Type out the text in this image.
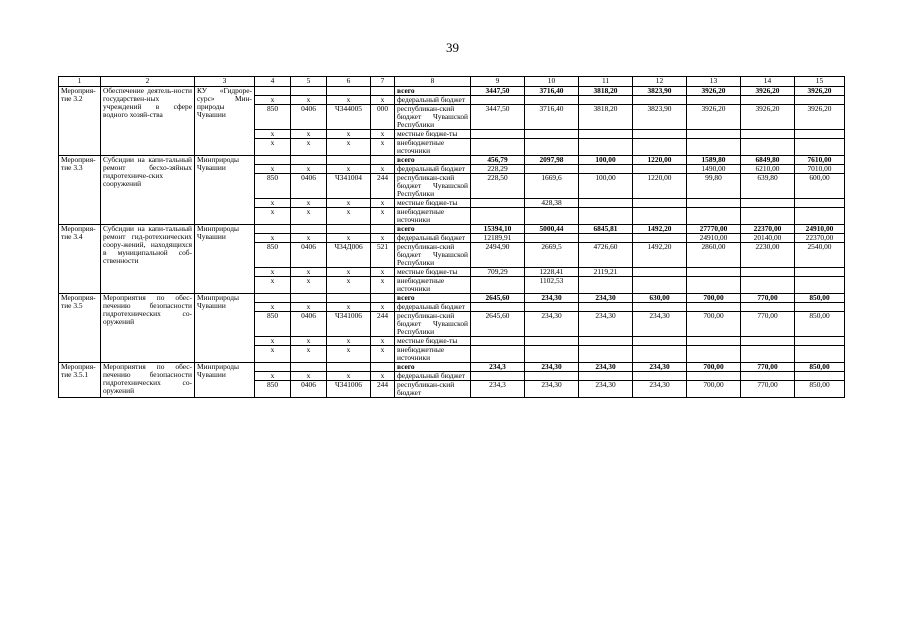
39
1	2	3	4	5	6	7	8	9	10	11	12	13	14	15
Мероприя-тие 3.2	Обеспечение деятель-ности государствен-ных учреждений в сфере водного хозяй-ства	КУ «Гидроре-сурс» Мин-природы Чувашии					всего	3447,50	3716,40	3818,20	3823,90	3926,20	3926,20	3926,20
			х	х	х	х	федеральный бюджет							
			850	0406	Ч344005	000	республикан-ский бюджет Чувашской Республики	3447,50	3716,40	3818,20	3823,90	3926,20	3926,20	3926,20
			х	х	х	х	местные бюдже-ты							
			х	х	х	х	внебюджетные источники							
Мероприя-тие 3.3	Субсидии на капи-тальный ремонт бесхо-зяйных гидротехниче-ских сооружений	Минприроды Чувашии					всего	456,79	2097,98	100,00	1220,00	1589,80	6849,80	7610,00
			х	х	х	х	федеральный бюджет	228,29				1490,00	6210,00	7010,00
			850	0406	Ч341004	244	республикан-ский бюджет Чувашской Республики	228,50	1669,6	100,00	1220,00	99,80	639,80	600,00
			х	х	х	х	местные бюдже-ты		428,38					
			х	х	х	х	внебюджетные источники							
Мероприя-тие 3.4	Субсидии на капи-тальный ремонт гид-ротехнических соору-жений, находящихся в муниципальной соб-ственности	Минприроды Чувашии					всего	15394,10	5000,44	6845,81	1492,20	27770,00	22370,00	24910,00
			х	х	х	х	федеральный бюджет	12189,91				24910,00	20140,00	22370,00
			850	0406	Ч34Д006	521	республикан-ский бюджет Чувашской Республики	2494,90	2669,5	4726,60	1492,20	2860,00	2230,00	2540,00
			х	х	х	х	местные бюдже-ты	709,29	1228,41	2119,21				
			х	х	х	х	внебюджетные источники		1102,53					
Мероприя-тие 3.5	Мероприятия по обес-печению безопасности гидротехнических со-оружений	Минприроды Чувашии					всего	2645,60	234,30	234,30	630,00	700,00	770,00	850,00
			х	х	х	х	федеральный бюджет							
			850	0406	Ч341006	244	республикан-ский бюджет Чувашской Республики	2645,60	234,30	234,30	234,30	700,00	770,00	850,00
			х	х	х	х	местные бюдже-ты							
			х	х	х	х	внебюджетные источники							
Мероприя-тие 3.5.1	Мероприятия по обес-печению безопасности гидротехнических со-оружений	Минприроды Чувашии					всего	234,3	234,30	234,30	234,30	700,00	770,00	850,00
			х	х	х	х	федеральный бюджет							
			850	0406	Ч341006	244	республикан-ский бюджет	234,3	234,30	234,30	234,30	700,00	770,00	850,00
